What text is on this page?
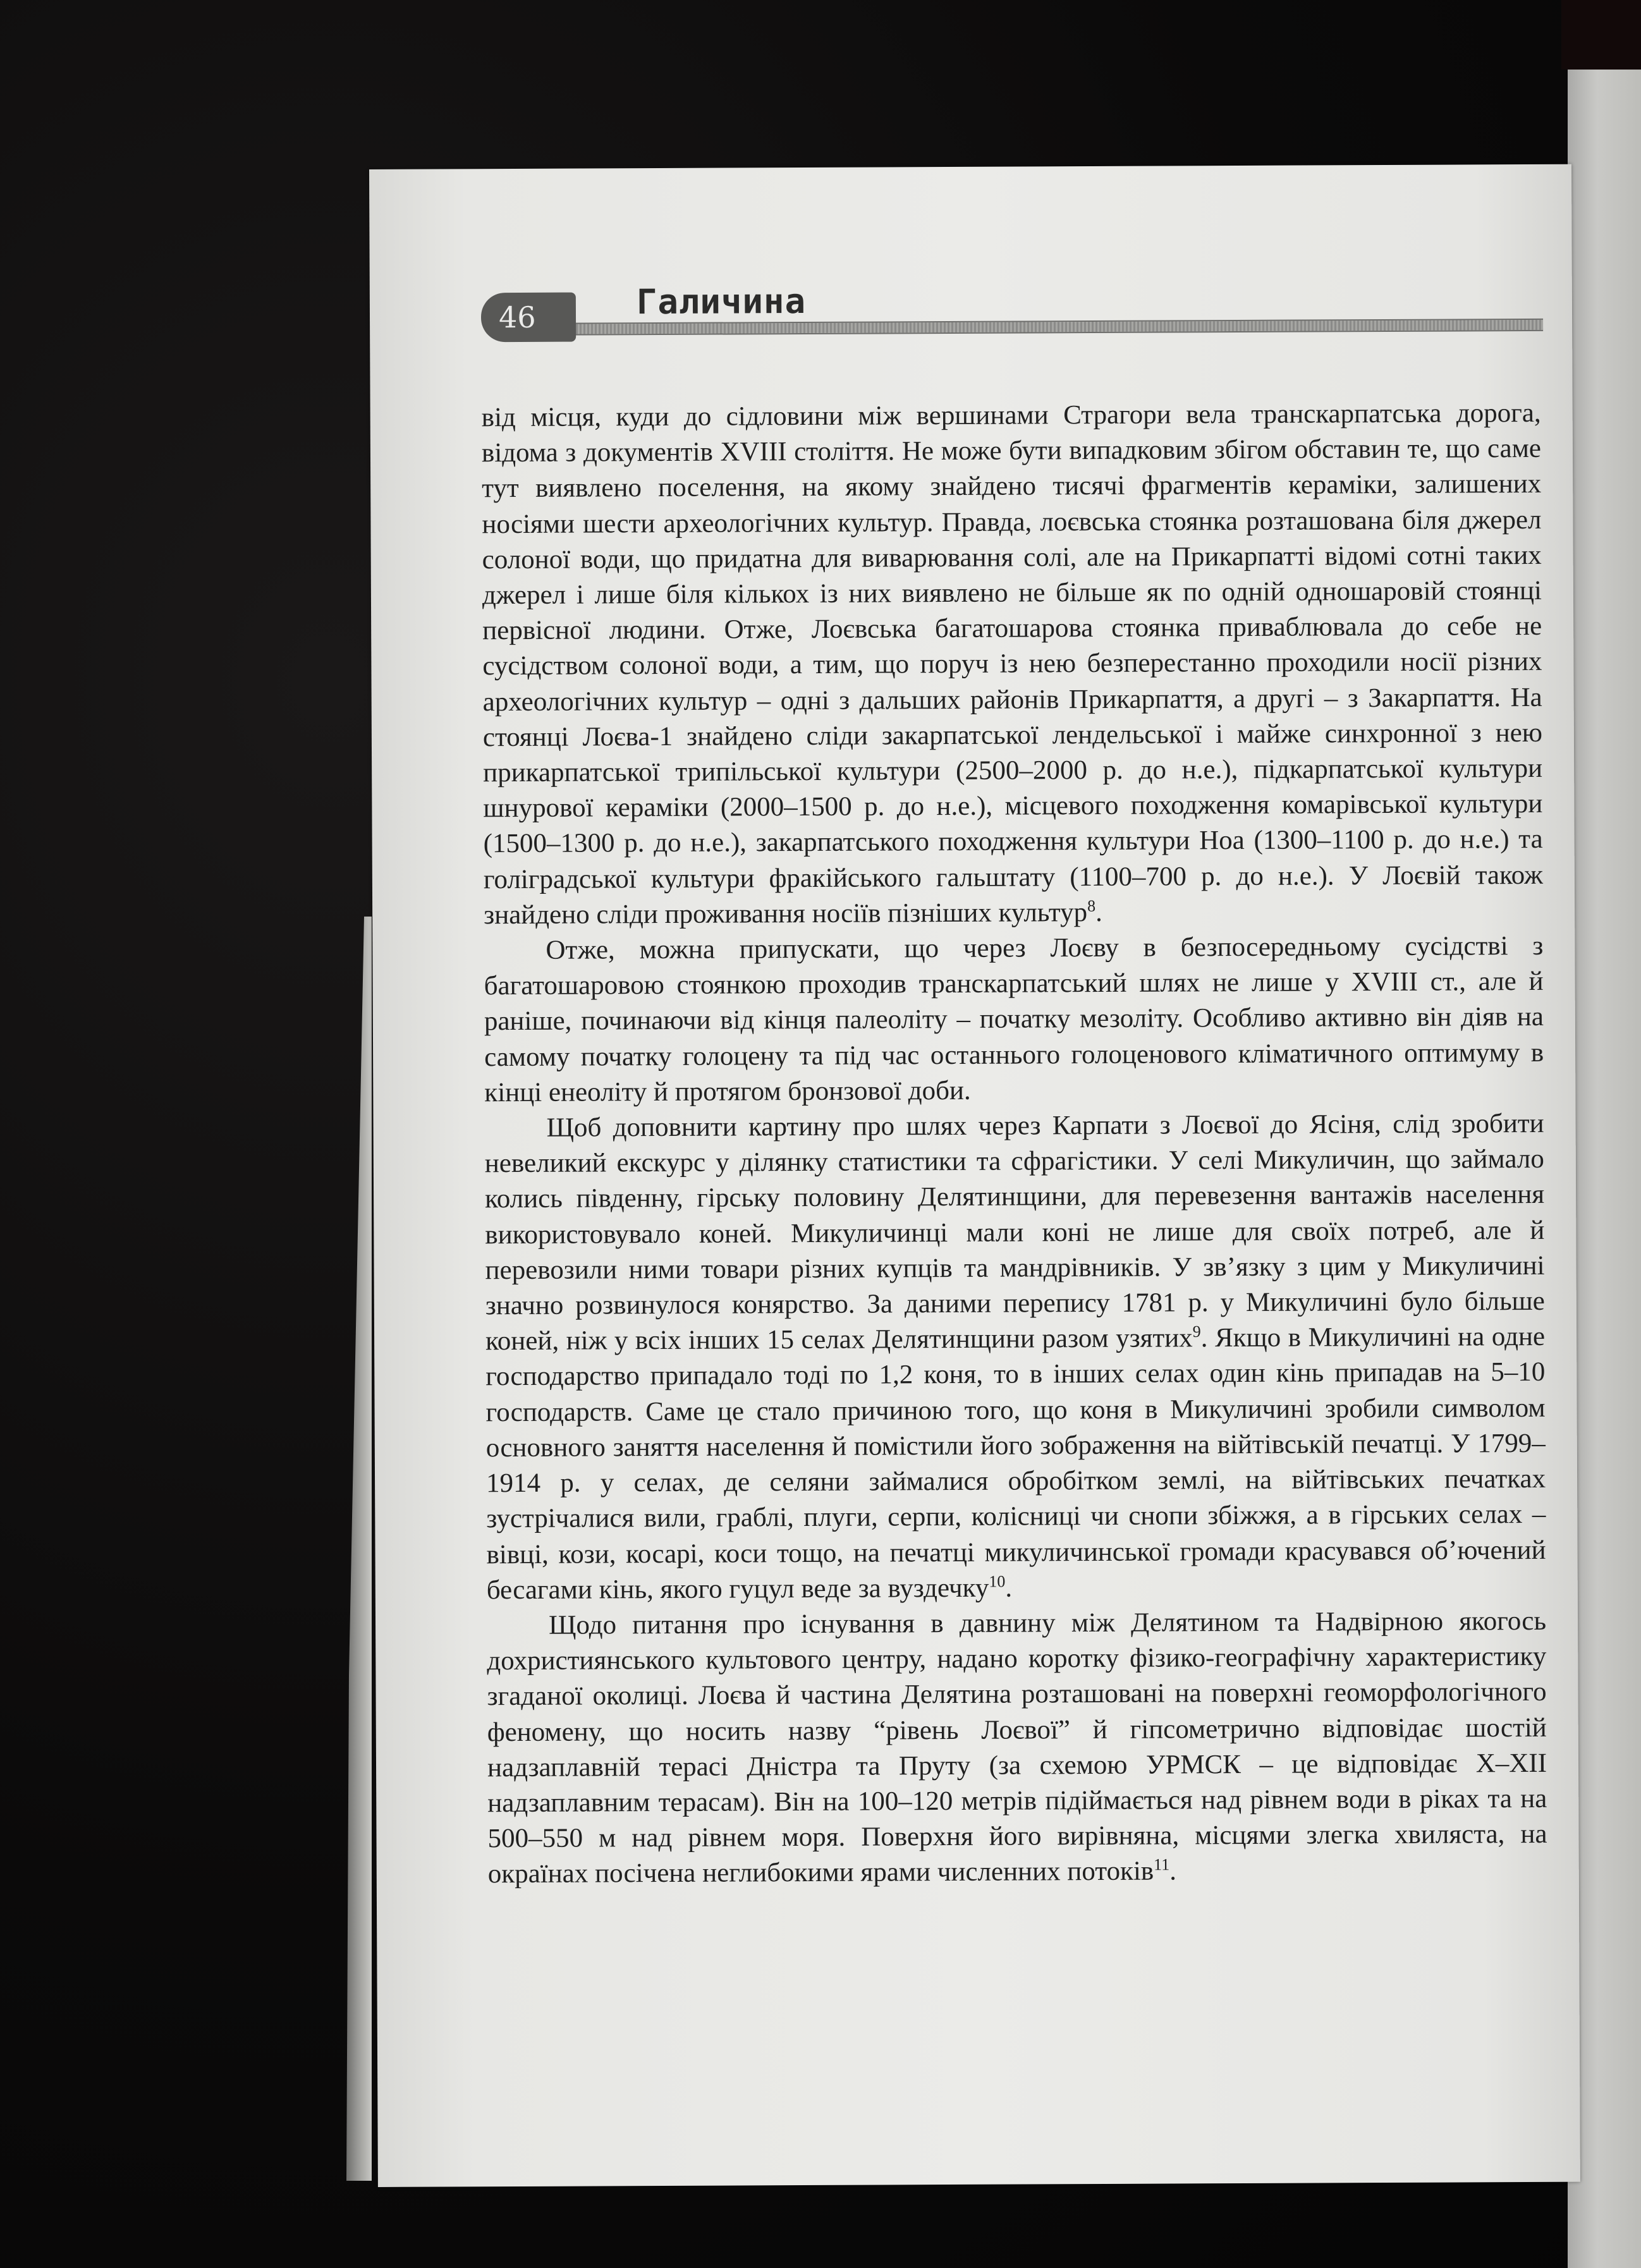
46	Галичина

від місця, куди до сідловини між вершинами Страгори вела транскарпатська дорога, відома з документів XVIII століття. Не може бути випадковим збігом обставин те, що саме тут виявлено поселення, на якому знайдено тисячі фрагментів кераміки, залишених носіями шести археологічних культур. Правда, лоєвська стоянка розташована біля джерел солоної води, що придатна для виварювання солі, але на Прикарпатті відомі сотні таких джерел і лише біля кількох із них виявлено не більше як по одній одношаровій стоянці первісної людини. Отже, Лоєвська багатошарова стоянка приваблювала до себе не сусідством солоної води, а тим, що поруч із нею безперестанно проходили носії різних археологічних культур – одні з дальших районів Прикарпаття, а другі – з Закарпаття. На стоянці Лоєва-1 знайдено сліди закарпатської лендельської і майже синхронної з нею прикарпатської трипільської культури (2500–2000 р. до н.е.), підкарпатської культури шнурової кераміки (2000–1500 р. до н.е.), місцевого походження комарівської культури (1500–1300 р. до н.е.), закарпатського походження культури Ноа (1300–1100 р. до н.е.) та голіградської культури фракійського гальштату (1100–700 р. до н.е.). У Лоєвій також знайдено сліди проживання носіїв пізніших культур$^8$.

Отже, можна припускати, що через Лоєву в безпосередньому сусідстві з багатошаровою стоянкою проходив транскарпатський шлях не лише у XVIII ст., але й раніше, починаючи від кінця палеоліту – початку мезоліту. Особливо активно він діяв на самому початку голоцену та під час останнього голоценового кліматичного оптимуму в кінці енеоліту й протягом бронзової доби.

Щоб доповнити картину про шлях через Карпати з Лоєвої до Ясіня, слід зробити невеликий екскурс у ділянку статистики та сфрагістики. У селі Микуличин, що займало колись південну, гірську половину Делятинщини, для перевезення вантажів населення використовувало коней. Микуличинці мали коні не лише для своїх потреб, але й перевозили ними товари різних купців та мандрівників. У зв’язку з цим у Микуличині значно розвинулося конярство. За даними перепису 1781 р. у Микуличині було більше коней, ніж у всіх інших 15 селах Делятинщини разом узятих$^9$. Якщо в Микуличині на одне господарство припадало тоді по 1,2 коня, то в інших селах один кінь припадав на 5–10 господарств. Саме це стало причиною того, що коня в Микуличині зробили символом основного заняття населення й помістили його зображення на війтівській печатці. У 1799–1914 р. у селах, де селяни займалися обробітком землі, на війтівських печатках зустрічалися вили, граблі, плуги, серпи, колісниці чи снопи збіжжя, а в гірських селах – вівці, кози, косарі, коси тощо, на печатці микуличинської громади красувався об’ючений бесагами кінь, якого гуцул веде за вуздечку$^{10}$.

Щодо питання про існування в давнину між Делятином та Надвірною якогось дохристиянського культового центру, надано коротку фізико-географічну характеристику згаданої околиці. Лоєва й частина Делятина розташовані на поверхні геоморфологічного феномену, що носить назву “рівень Лоєвої” й гіпсометрично відповідає шостій надзаплавній терасі Дністра та Пруту (за схемою УРМСК – це відповідає Х–ХІІ надзаплавним терасам). Він на 100–120 метрів підіймається над рівнем води в ріках та на 500–550 м над рівнем моря. Поверхня його вирівняна, місцями злегка хвиляста, на окраїнах посічена неглибокими ярами численних потоків$^{11}$.
